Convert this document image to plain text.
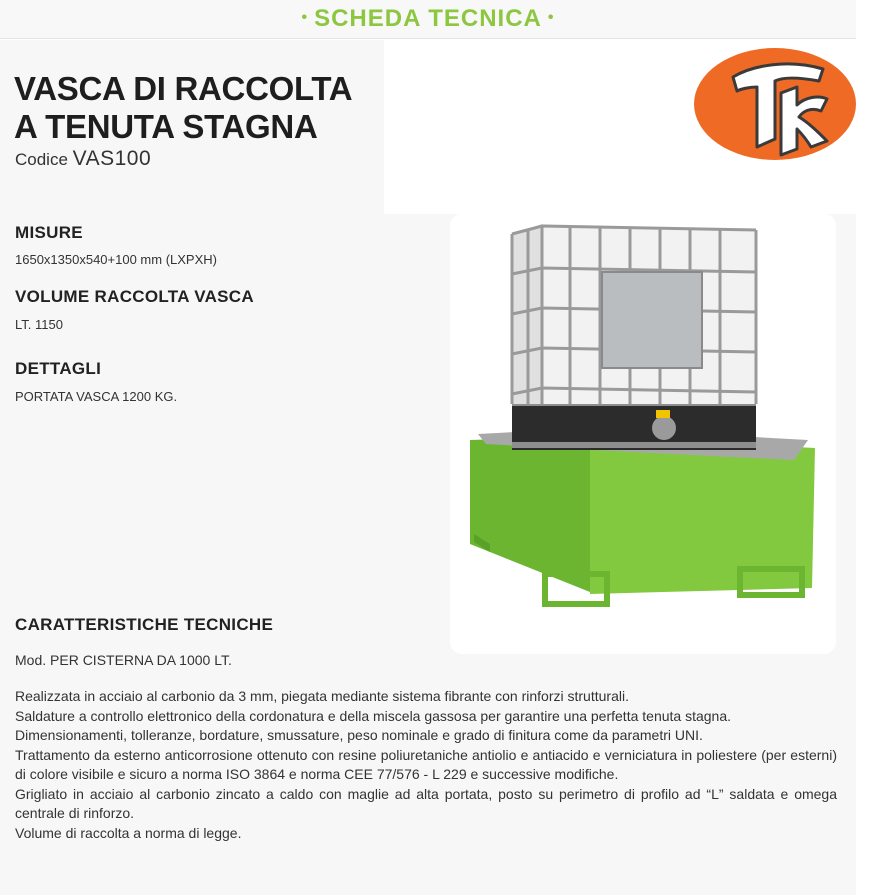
• SCHEDA TECNICA •
VASCA DI RACCOLTA
A TENUTA STAGNA
Codice VAS100
MISURE
1650x1350x540+100 mm (LXPXH)
VOLUME RACCOLTA VASCA
LT. 1150
DETTAGLI
PORTATA VASCA 1200 KG.
CARATTERISTICHE TECNICHE
Mod. PER CISTERNA DA 1000 LT.

Realizzata in acciaio al carbonio da 3 mm, piegata mediante sistema fibrante con rinforzi strutturali.

Saldature a controllo elettronico della cordonatura e della miscela gassosa per garantire una perfetta tenuta stagna.

Dimensionamenti, tolleranze, bordature, smussature, peso nominale e grado di finitura come da parametri UNI.

Trattamento da esterno anticorrosione ottenuto con resine poliuretaniche antiolio e antiacido e verniciatura in poliestere (per esterni) di colore visibile e sicuro a norma ISO 3864 e norma CEE 77/576 - L 229 e successive modifiche.

Grigliato in acciaio al carbonio zincato a caldo con maglie ad alta portata, posto su perimetro di profilo ad “L” saldata e omega centrale di rinforzo.

Volume di raccolta a norma di legge.
